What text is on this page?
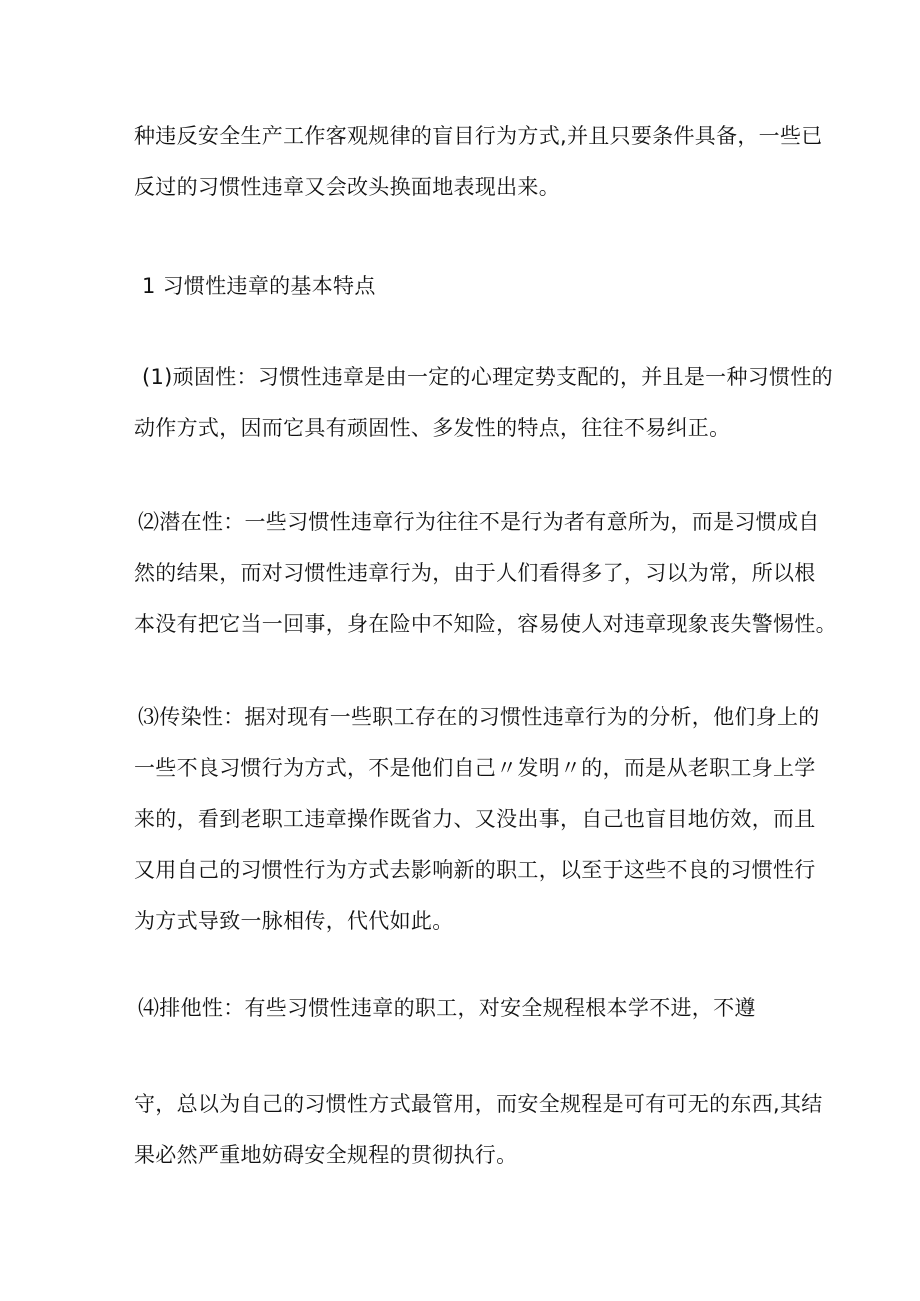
种违反安全生产工作客观规律的盲目行为方式,并且只要条件具备，一些已
反过的习惯性违章又会改头换面地表现出来。
1 习惯性违章的基本特点
(1)顽固性：习惯性违章是由一定的心理定势支配的，并且是一种习惯性的
动作方式，因而它具有顽固性、多发性的特点，往往不易纠正。
⑵潜在性：一些习惯性违章行为往往不是行为者有意所为，而是习惯成自
然的结果，而对习惯性违章行为，由于人们看得多了，习以为常，所以根
本没有把它当一回事，身在险中不知险，容易使人对违章现象丧失警惕性。
⑶传染性：据对现有一些职工存在的习惯性违章行为的分析，他们身上的
一些不良习惯行为方式，不是他们自己〃发明〃的，而是从老职工身上学
来的，看到老职工违章操作既省力、又没出事，自己也盲目地仿效，而且
又用自己的习惯性行为方式去影响新的职工，以至于这些不良的习惯性行
为方式导致一脉相传，代代如此。
⑷排他性：有些习惯性违章的职工，对安全规程根本学不进，不遵
守，总以为自己的习惯性方式最管用，而安全规程是可有可无的东西,其结
果必然严重地妨碍安全规程的贯彻执行。
